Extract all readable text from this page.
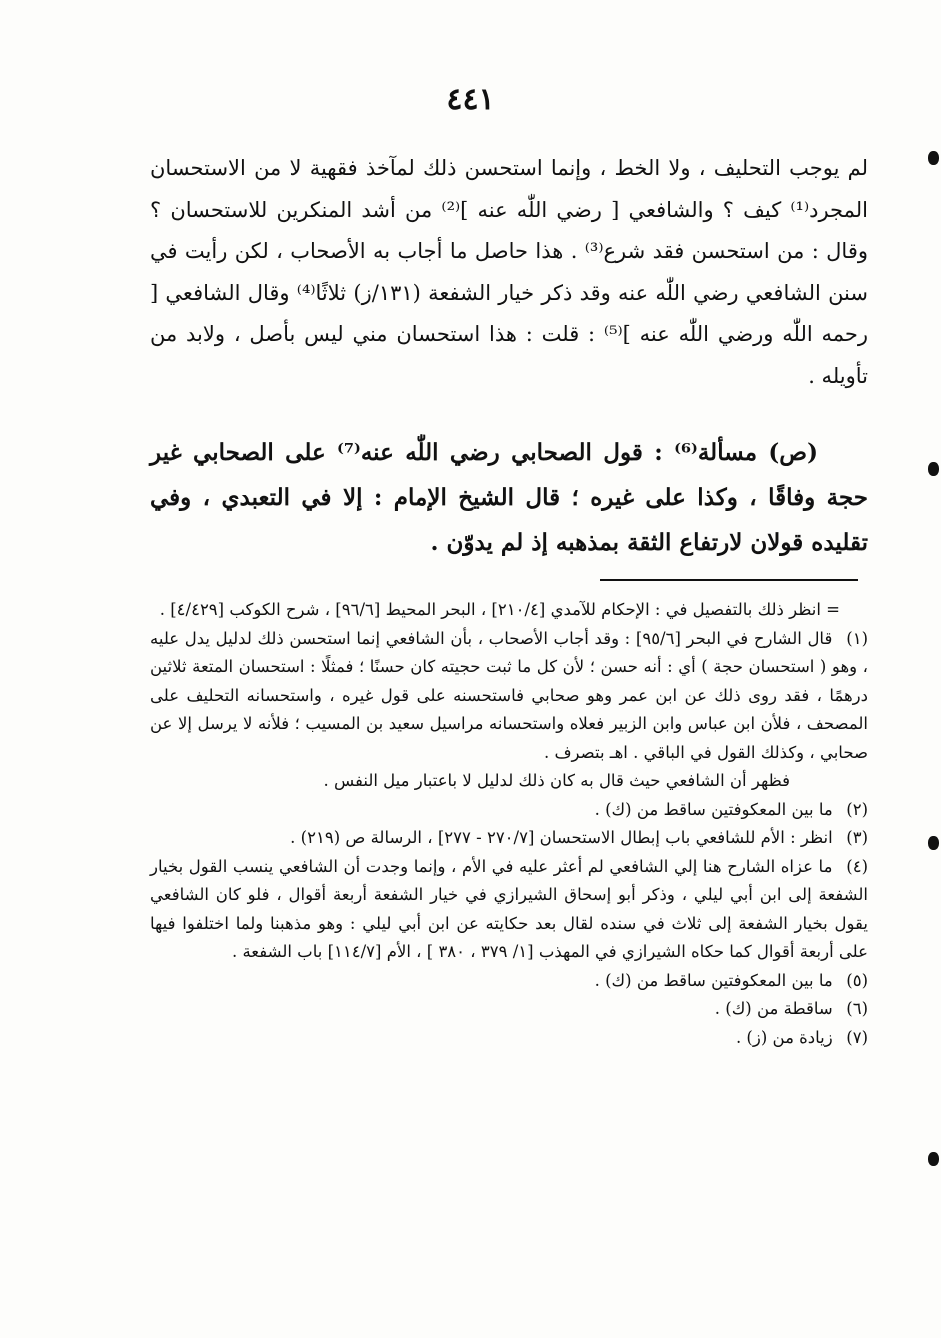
٤٤١

لم يوجب التحليف ، ولا الخط ، وإنما استحسن ذلك لمآخذ فقهية لا من الاستحسان المجرد⁽¹⁾ كيف ؟ والشافعي [ رضي اللّٰه عنه ]⁽²⁾ من أشد المنكرين للاستحسان ؟ وقال : من استحسن فقد شرع⁽³⁾ . هذا حاصل ما أجاب به الأصحاب ، لكن رأيت في سنن الشافعي رضي اللّٰه عنه وقد ذكر خيار الشفعة (١٣١/ز) ثلاثًا⁽⁴⁾ وقال الشافعي [ رحمه اللّٰه ورضي اللّٰه عنه ]⁽⁵⁾ : قلت : هذا استحسان مني ليس بأصل ، ولابد من تأويله .

(ص) مسألة⁽⁶⁾ : قول الصحابي رضي اللّٰه عنه⁽⁷⁾ على الصحابي غير حجة وفاقًا ، وكذا على غيره ؛ قال الشيخ الإمام : إلا في التعبدي ، وفي تقليده قولان لارتفاع الثقة بمذهبه إذ لم يدوّن .

= انظر ذلك بالتفصيل في : الإحكام للآمدي [٢١٠/٤] ، البحر المحيط [٩٦/٦] ، شرح الكوكب [٤/٤٢٩] .

(١) قال الشارح في البحر [٩٥/٦] : وقد أجاب الأصحاب ، بأن الشافعي إنما استحسن ذلك لدليل يدل عليه ، وهو ( استحسان حجة ) أي : أنه حسن ؛ لأن كل ما ثبت حجيته كان حسنًا ؛ فمثلًا : استحسان المتعة ثلاثين درهمًا ، فقد روى ذلك عن ابن عمر وهو صحابي فاستحسنه على قول غيره ، واستحسانه التحليف على المصحف ، فلأن ابن عباس وابن الزبير فعلاه واستحسانه مراسيل سعيد بن المسيب ؛ فلأنه لا يرسل إلا عن صحابي ، وكذلك القول في الباقي . اهـ بتصرف .

فظهر أن الشافعي حيث قال به كان ذلك لدليل لا باعتبار ميل النفس .

(٢) ما بين المعكوفتين ساقط من (ك) .

(٣) انظر : الأم للشافعي باب إبطال الاستحسان [٢٧٠/٧ - ٢٧٧] ، الرسالة ص (٢١٩) .

(٤) ما عزاه الشارح هنا إلي الشافعي لم أعثر عليه في الأم ، وإنما وجدت أن الشافعي ينسب القول بخيار الشفعة إلى ابن أبي ليلي ، وذكر أبو إسحاق الشيرازي في خيار الشفعة أربعة أقوال ، فلو كان الشافعي يقول بخيار الشفعة إلى ثلاث في سنده لقال بعد حكايته عن ابن أبي ليلي : وهو مذهبنا ولما اختلفوا فيها على أربعة أقوال كما حكاه الشيرازي في المهذب [١/ ٣٧٩ ، ٣٨٠ ] ، الأم [١١٤/٧] باب الشفعة .

(٥) ما بين المعكوفتين ساقط من (ك) .

(٦) ساقطة من (ك) .

(٧) زيادة من (ز) .
